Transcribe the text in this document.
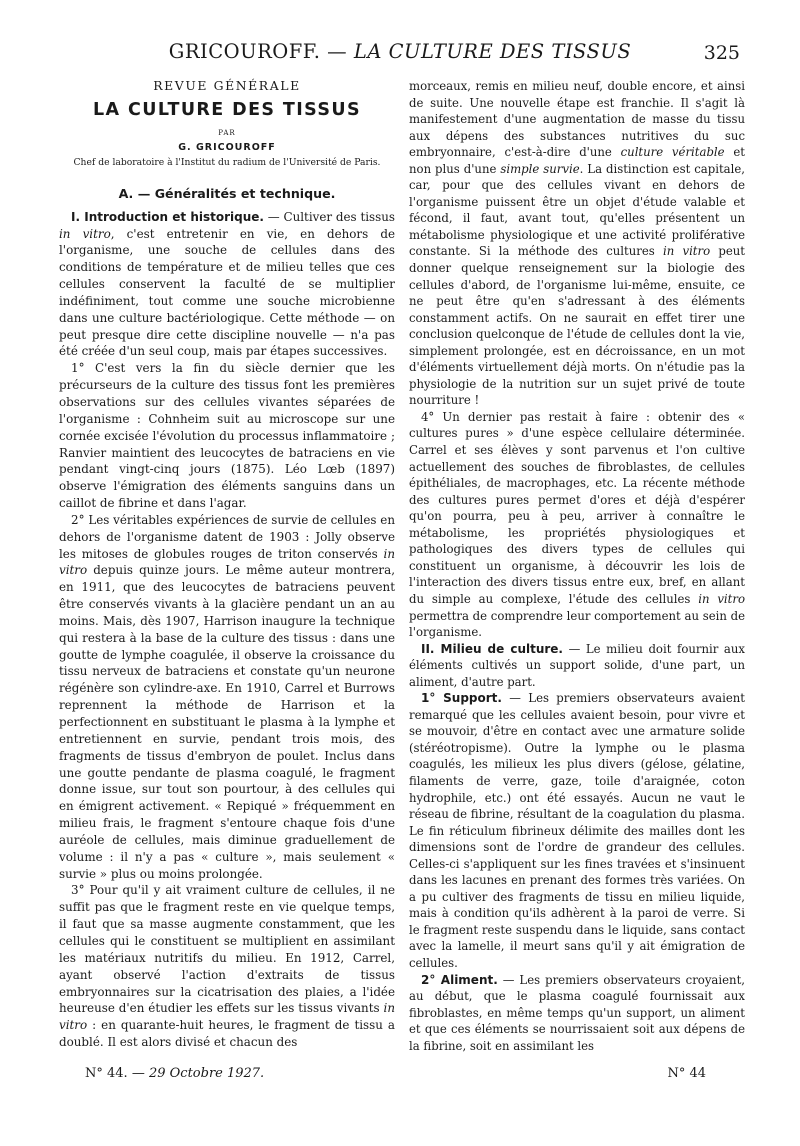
GRICOUROFF. — LA CULTURE DES TISSUS	325
REVUE GÉNÉRALE
LA CULTURE DES TISSUS
PAR
G. GRICOUROFF
Chef de laboratoire à l'Institut du radium de l'Université de Paris.
A. — Généralités et technique.

I. Introduction et historique. — Cultiver des tissus in vitro, c'est entretenir en vie, en dehors de l'organisme, une souche de cellules dans des conditions de température et de milieu telles que ces cellules conservent la faculté de se multiplier indéfiniment, tout comme une souche microbienne dans une culture bactériologique. Cette méthode — on peut presque dire cette discipline nouvelle — n'a pas été créée d'un seul coup, mais par étapes successives.

1° C'est vers la fin du siècle dernier que les précurseurs de la culture des tissus font les premières observations sur des cellules vivantes séparées de l'organisme : Cohnheim suit au microscope sur une cornée excisée l'évolution du processus inflammatoire ; Ranvier maintient des leucocytes de batraciens en vie pendant vingt-cinq jours (1875). Léo Lœb (1897) observe l'émigration des éléments sanguins dans un caillot de fibrine et dans l'agar.

2° Les véritables expériences de survie de cellules en dehors de l'organisme datent de 1903 : Jolly observe les mitoses de globules rouges de triton conservés in vitro depuis quinze jours. Le même auteur montrera, en 1911, que des leucocytes de batraciens peuvent être conservés vivants à la glacière pendant un an au moins. Mais, dès 1907, Harrison inaugure la technique qui restera à la base de la culture des tissus : dans une goutte de lymphe coagulée, il observe la croissance du tissu nerveux de batraciens et constate qu'un neurone régénère son cylindre-axe. En 1910, Carrel et Burrows reprennent la méthode de Harrison et la perfectionnent en substituant le plasma à la lymphe et entretiennent en survie, pendant trois mois, des fragments de tissus d'embryon de poulet. Inclus dans une goutte pendante de plasma coagulé, le fragment donne issue, sur tout son pourtour, à des cellules qui en émigrent activement. « Repiqué » fréquemment en milieu frais, le fragment s'entoure chaque fois d'une auréole de cellules, mais diminue graduellement de volume : il n'y a pas « culture », mais seulement « survie » plus ou moins prolongée.

3° Pour qu'il y ait vraiment culture de cellules, il ne suffit pas que le fragment reste en vie quelque temps, il faut que sa masse augmente constamment, que les cellules qui le constituent se multiplient en assimilant les matériaux nutritifs du milieu. En 1912, Carrel, ayant observé l'action d'extraits de tissus embryonnaires sur la cicatrisation des plaies, a l'idée heureuse d'en étudier les effets sur les tissus vivants in vitro : en quarante-huit heures, le fragment de tissu a doublé. Il est alors divisé et chacun des

morceaux, remis en milieu neuf, double encore, et ainsi de suite. Une nouvelle étape est franchie. Il s'agit là manifestement d'une augmentation de masse du tissu aux dépens des substances nutritives du suc embryonnaire, c'est-à-dire d'une culture véritable et non plus d'une simple survie. La distinction est capitale, car, pour que des cellules vivant en dehors de l'organisme puissent être un objet d'étude valable et fécond, il faut, avant tout, qu'elles présentent un métabolisme physiologique et une activité proliférative constante. Si la méthode des cultures in vitro peut donner quelque renseignement sur la biologie des cellules d'abord, de l'organisme lui-même, ensuite, ce ne peut être qu'en s'adressant à des éléments constamment actifs. On ne saurait en effet tirer une conclusion quelconque de l'étude de cellules dont la vie, simplement prolongée, est en décroissance, en un mot d'éléments virtuellement déjà morts. On n'étudie pas la physiologie de la nutrition sur un sujet privé de toute nourriture !

4° Un dernier pas restait à faire : obtenir des « cultures pures » d'une espèce cellulaire déterminée. Carrel et ses élèves y sont parvenus et l'on cultive actuellement des souches de fibroblastes, de cellules épithéliales, de macrophages, etc. La récente méthode des cultures pures permet d'ores et déjà d'espérer qu'on pourra, peu à peu, arriver à connaître le métabolisme, les propriétés physiologiques et pathologiques des divers types de cellules qui constituent un organisme, à découvrir les lois de l'interaction des divers tissus entre eux, bref, en allant du simple au complexe, l'étude des cellules in vitro permettra de comprendre leur comportement au sein de l'organisme.

II. Milieu de culture. — Le milieu doit fournir aux éléments cultivés un support solide, d'une part, un aliment, d'autre part.

1° Support. — Les premiers observateurs avaient remarqué que les cellules avaient besoin, pour vivre et se mouvoir, d'être en contact avec une armature solide (stéréotropisme). Outre la lymphe ou le plasma coagulés, les milieux les plus divers (gélose, gélatine, filaments de verre, gaze, toile d'araignée, coton hydrophile, etc.) ont été essayés. Aucun ne vaut le réseau de fibrine, résultant de la coagulation du plasma. Le fin réticulum fibrineux délimite des mailles dont les dimensions sont de l'ordre de grandeur des cellules. Celles-ci s'appliquent sur les fines travées et s'insinuent dans les lacunes en prenant des formes très variées. On a pu cultiver des fragments de tissu en milieu liquide, mais à condition qu'ils adhèrent à la paroi de verre. Si le fragment reste suspendu dans le liquide, sans contact avec la lamelle, il meurt sans qu'il y ait émigration de cellules.

2° Aliment. — Les premiers observateurs croyaient, au début, que le plasma coagulé fournissait aux fibroblastes, en même temps qu'un support, un aliment et que ces éléments se nourrissaient soit aux dépens de la fibrine, soit en assimilant les

N° 44. — 29 Octobre 1927.	N° 44
